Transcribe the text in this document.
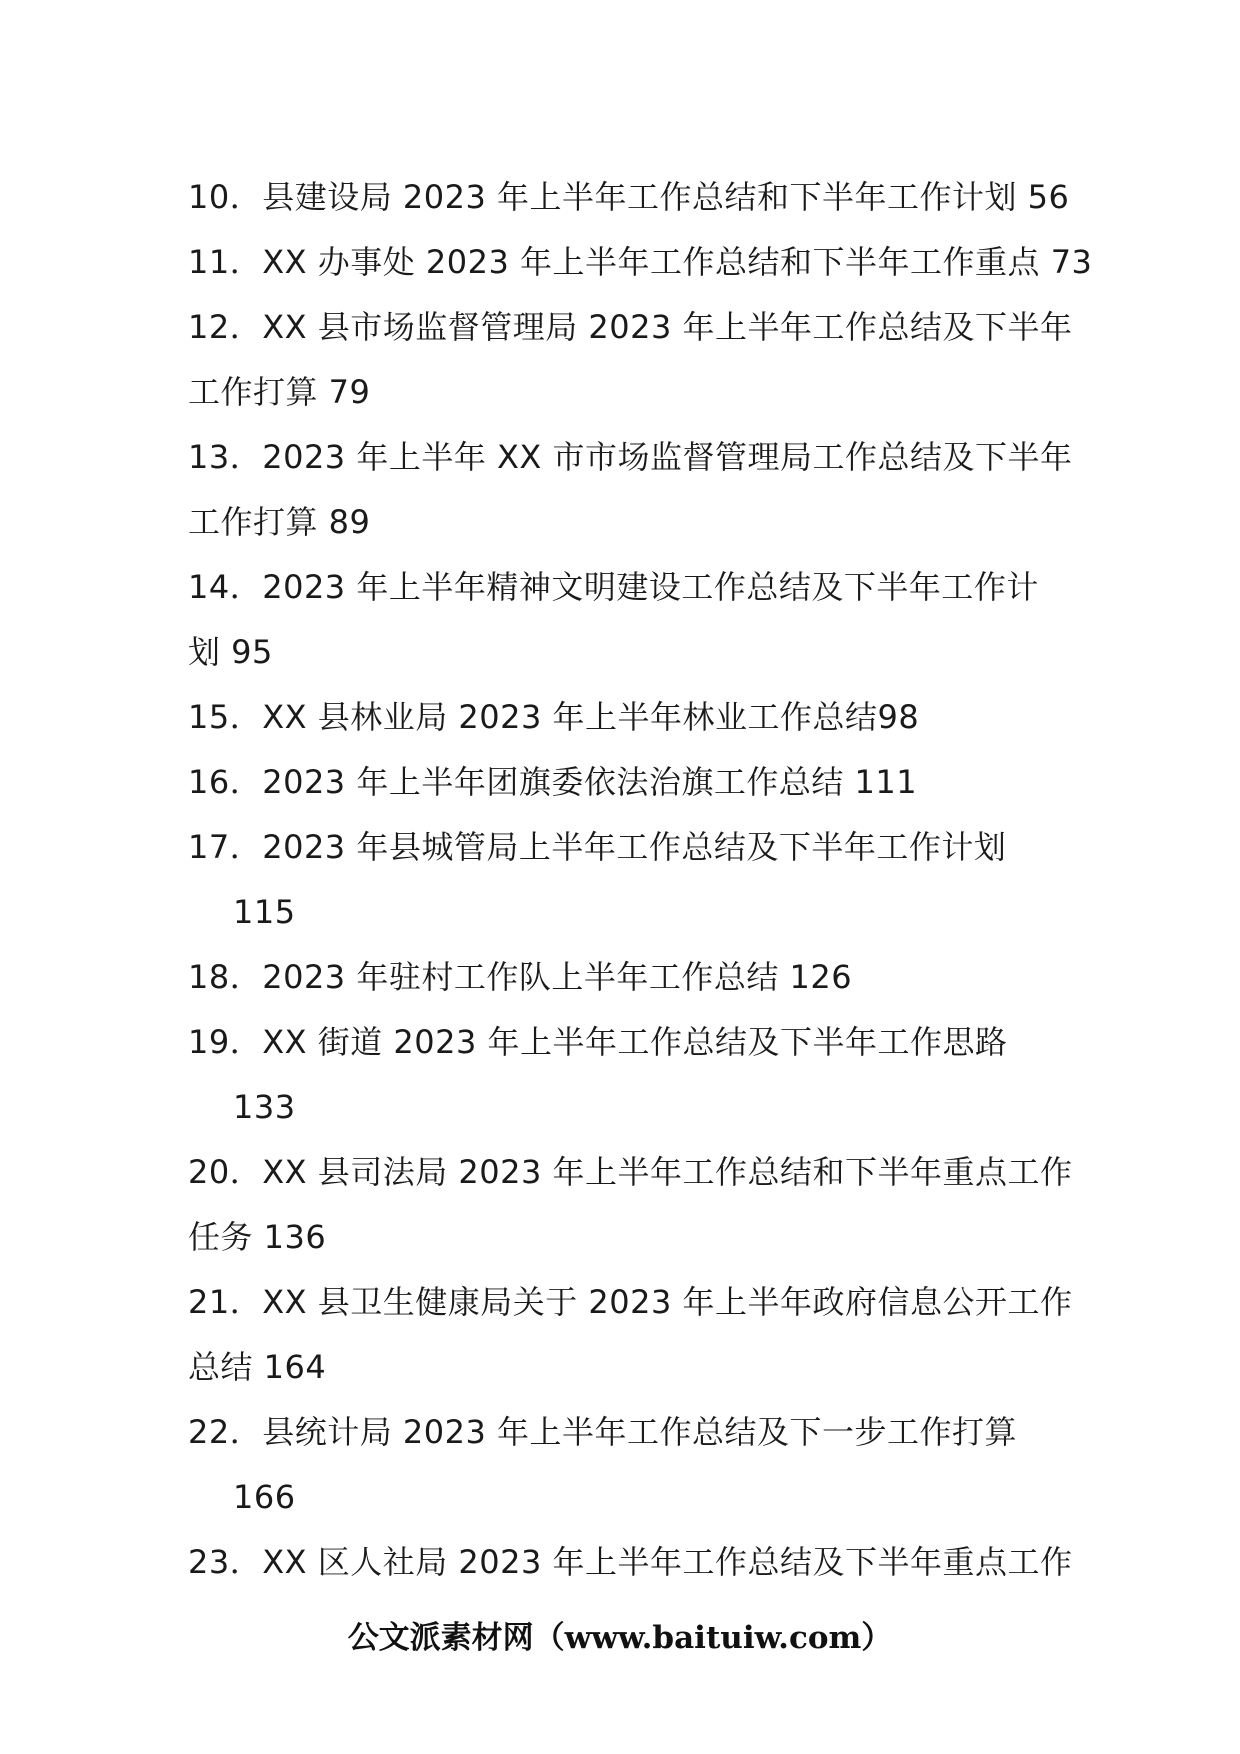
10．县建设局 2023 年上半年工作总结和下半年工作计划 56
11．XX 办事处 2023 年上半年工作总结和下半年工作重点 73
12．XX 县市场监督管理局 2023 年上半年工作总结及下半年
工作打算 79
13．2023 年上半年 XX 市市场监督管理局工作总结及下半年
工作打算 89
14．2023 年上半年精神文明建设工作总结及下半年工作计
划 95
15．XX 县林业局 2023 年上半年林业工作总结98
16．2023 年上半年团旗委依法治旗工作总结 111
17．2023 年县城管局上半年工作总结及下半年工作计划
115
18．2023 年驻村工作队上半年工作总结 126
19．XX 街道 2023 年上半年工作总结及下半年工作思路
133
20．XX 县司法局 2023 年上半年工作总结和下半年重点工作
任务 136
21．XX 县卫生健康局关于 2023 年上半年政府信息公开工作
总结 164
22．县统计局 2023 年上半年工作总结及下一步工作打算
166
23．XX 区人社局 2023 年上半年工作总结及下半年重点工作
公文派素材网（www.baituiw.com）
